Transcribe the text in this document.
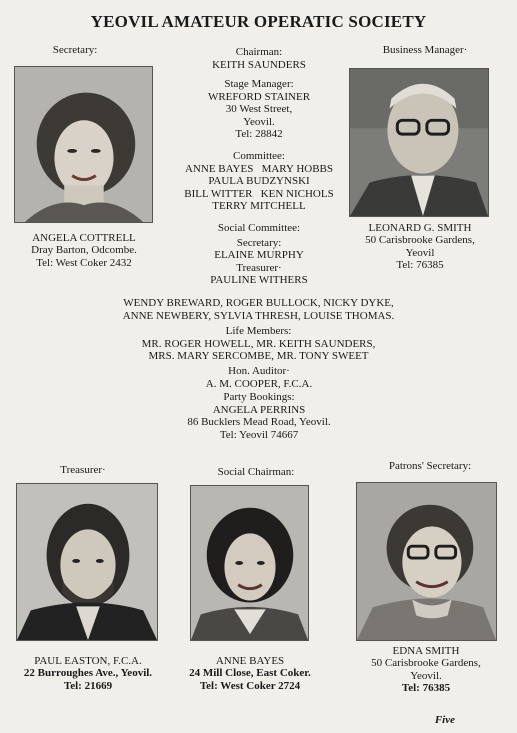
YEOVIL AMATEUR OPERATIC SOCIETY
Secretary:
ANGELA COTTRELL
Dray Barton, Odcombe.
Tel: West Coker 2432
Business Manager·
LEONARD G. SMITH
50 Carisbrooke Gardens,
Yeovil
Tel: 76385
Chairman:
KEITH SAUNDERS
Stage Manager:
WREFORD STAINER
30 West Street,
Yeovil.
Tel: 28842
Committee:
ANNE BAYES   MARY HOBBS
PAULA BUDZYNSKI
BILL WITTER   KEN NICHOLS
TERRY MITCHELL
Social Committee:
Secretary:
ELAINE MURPHY
Treasurer·
PAULINE WITHERS
WENDY BREWARD, ROGER BULLOCK, NICKY DYKE,
ANNE NEWBERY, SYLVIA THRESH, LOUISE THOMAS.
Life Members:
MR. ROGER HOWELL, MR. KEITH SAUNDERS,
MRS. MARY SERCOMBE, MR. TONY SWEET
Hon. Auditor·
A. M. COOPER, F.C.A.
Party Bookings:
ANGELA PERRINS
86 Bucklers Mead Road, Yeovil.
Tel: Yeovil 74667
Treasurer·
PAUL EASTON, F.C.A.
22 Burroughes Ave., Yeovil.
Tel: 21669
Social Chairman:
ANNE BAYES
24 Mill Close, East Coker.
Tel: West Coker 2724
Patrons' Secretary:
EDNA SMITH
50 Carisbrooke Gardens,
Yeovil.
Tel: 76385
Five
